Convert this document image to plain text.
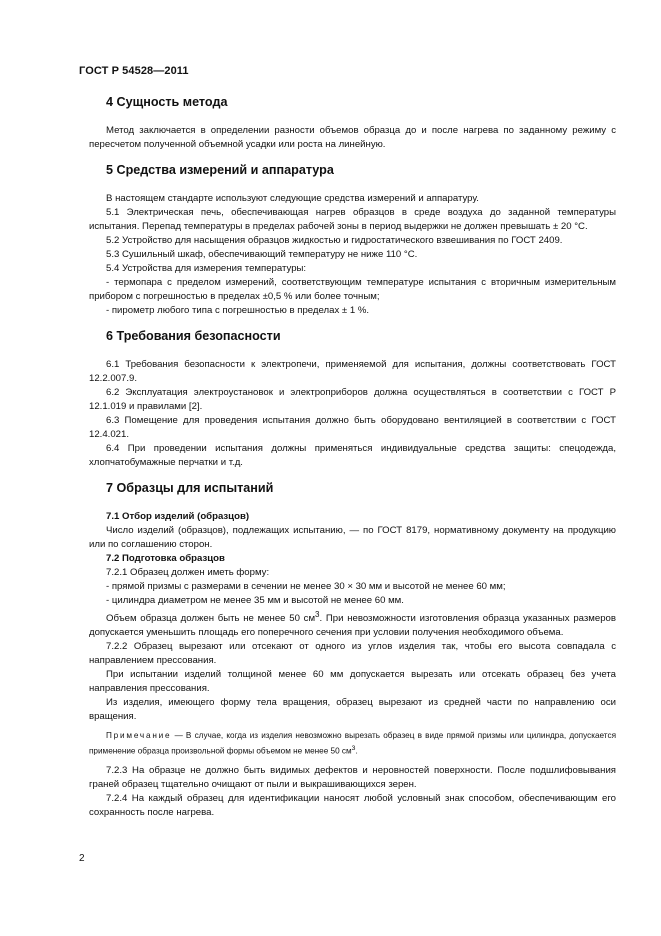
ГОСТ Р 54528—2011
4 Сущность метода

Метод заключается в определении разности объемов образца до и после нагрева по заданному режиму с пересчетом полученной объемной усадки или роста на линейную.

5 Средства измерений и аппаратура

В настоящем стандарте используют следующие средства измерений и аппаратуру.

5.1 Электрическая печь, обеспечивающая нагрев образцов в среде воздуха до заданной температуры испытания. Перепад температуры в пределах рабочей зоны в период выдержки не должен превышать ± 20 °С.

5.2 Устройство для насыщения образцов жидкостью и гидростатического взвешивания по ГОСТ 2409.

5.3 Сушильный шкаф, обеспечивающий температуру не ниже 110 °С.

5.4 Устройства для измерения температуры:

- термопара с пределом измерений, соответствующим температуре испытания с вторичным измерительным прибором с погрешностью в пределах ±0,5 % или более точным;

- пирометр любого типа с погрешностью в пределах ± 1 %.

6 Требования безопасности

6.1 Требования безопасности к электропечи, применяемой для испытания, должны соответствовать ГОСТ 12.2.007.9.

6.2 Эксплуатация электроустановок и электроприборов должна осуществляться в соответствии с ГОСТ Р 12.1.019 и правилами [2].

6.3 Помещение для проведения испытания должно быть оборудовано вентиляцией в соответствии с ГОСТ 12.4.021.

6.4 При проведении испытания должны применяться индивидуальные средства защиты: спецодежда, хлопчатобумажные перчатки и т.д.

7 Образцы для испытаний
7.1 Отбор изделий (образцов)

Число изделий (образцов), подлежащих испытанию, — по ГОСТ 8179, нормативному документу на продукцию или по соглашению сторон.

7.2 Подготовка образцов

7.2.1 Образец должен иметь форму:

- прямой призмы с размерами в сечении не менее 30 × 30 мм и высотой не менее 60 мм;

- цилиндра диаметром не менее 35 мм и высотой не менее 60 мм.

Объем образца должен быть не менее 50 $см^3$. При невозможности изготовления образца указанных размеров допускается уменьшить площадь его поперечного сечения при условии получения необходимого объема.

7.2.2 Образец вырезают или отсекают от одного из углов изделия так, чтобы его высота совпадала с направлением прессования.

При испытании изделий толщиной менее 60 мм допускается вырезать или отсекать образец без учета направления прессования.

Из изделия, имеющего форму тела вращения, образец вырезают из средней части по направлению оси вращения.

Примечание — В случае, когда из изделия невозможно вырезать образец в виде прямой призмы или цилиндра, допускается применение образца произвольной формы объемом не менее 50 $см^3$.

7.2.3 На образце не должно быть видимых дефектов и неровностей поверхности. После подшлифовывания граней образец тщательно очищают от пыли и выкрашивающихся зерен.

7.2.4 На каждый образец для идентификации наносят любой условный знак способом, обеспечивающим его сохранность после нагрева.

2
